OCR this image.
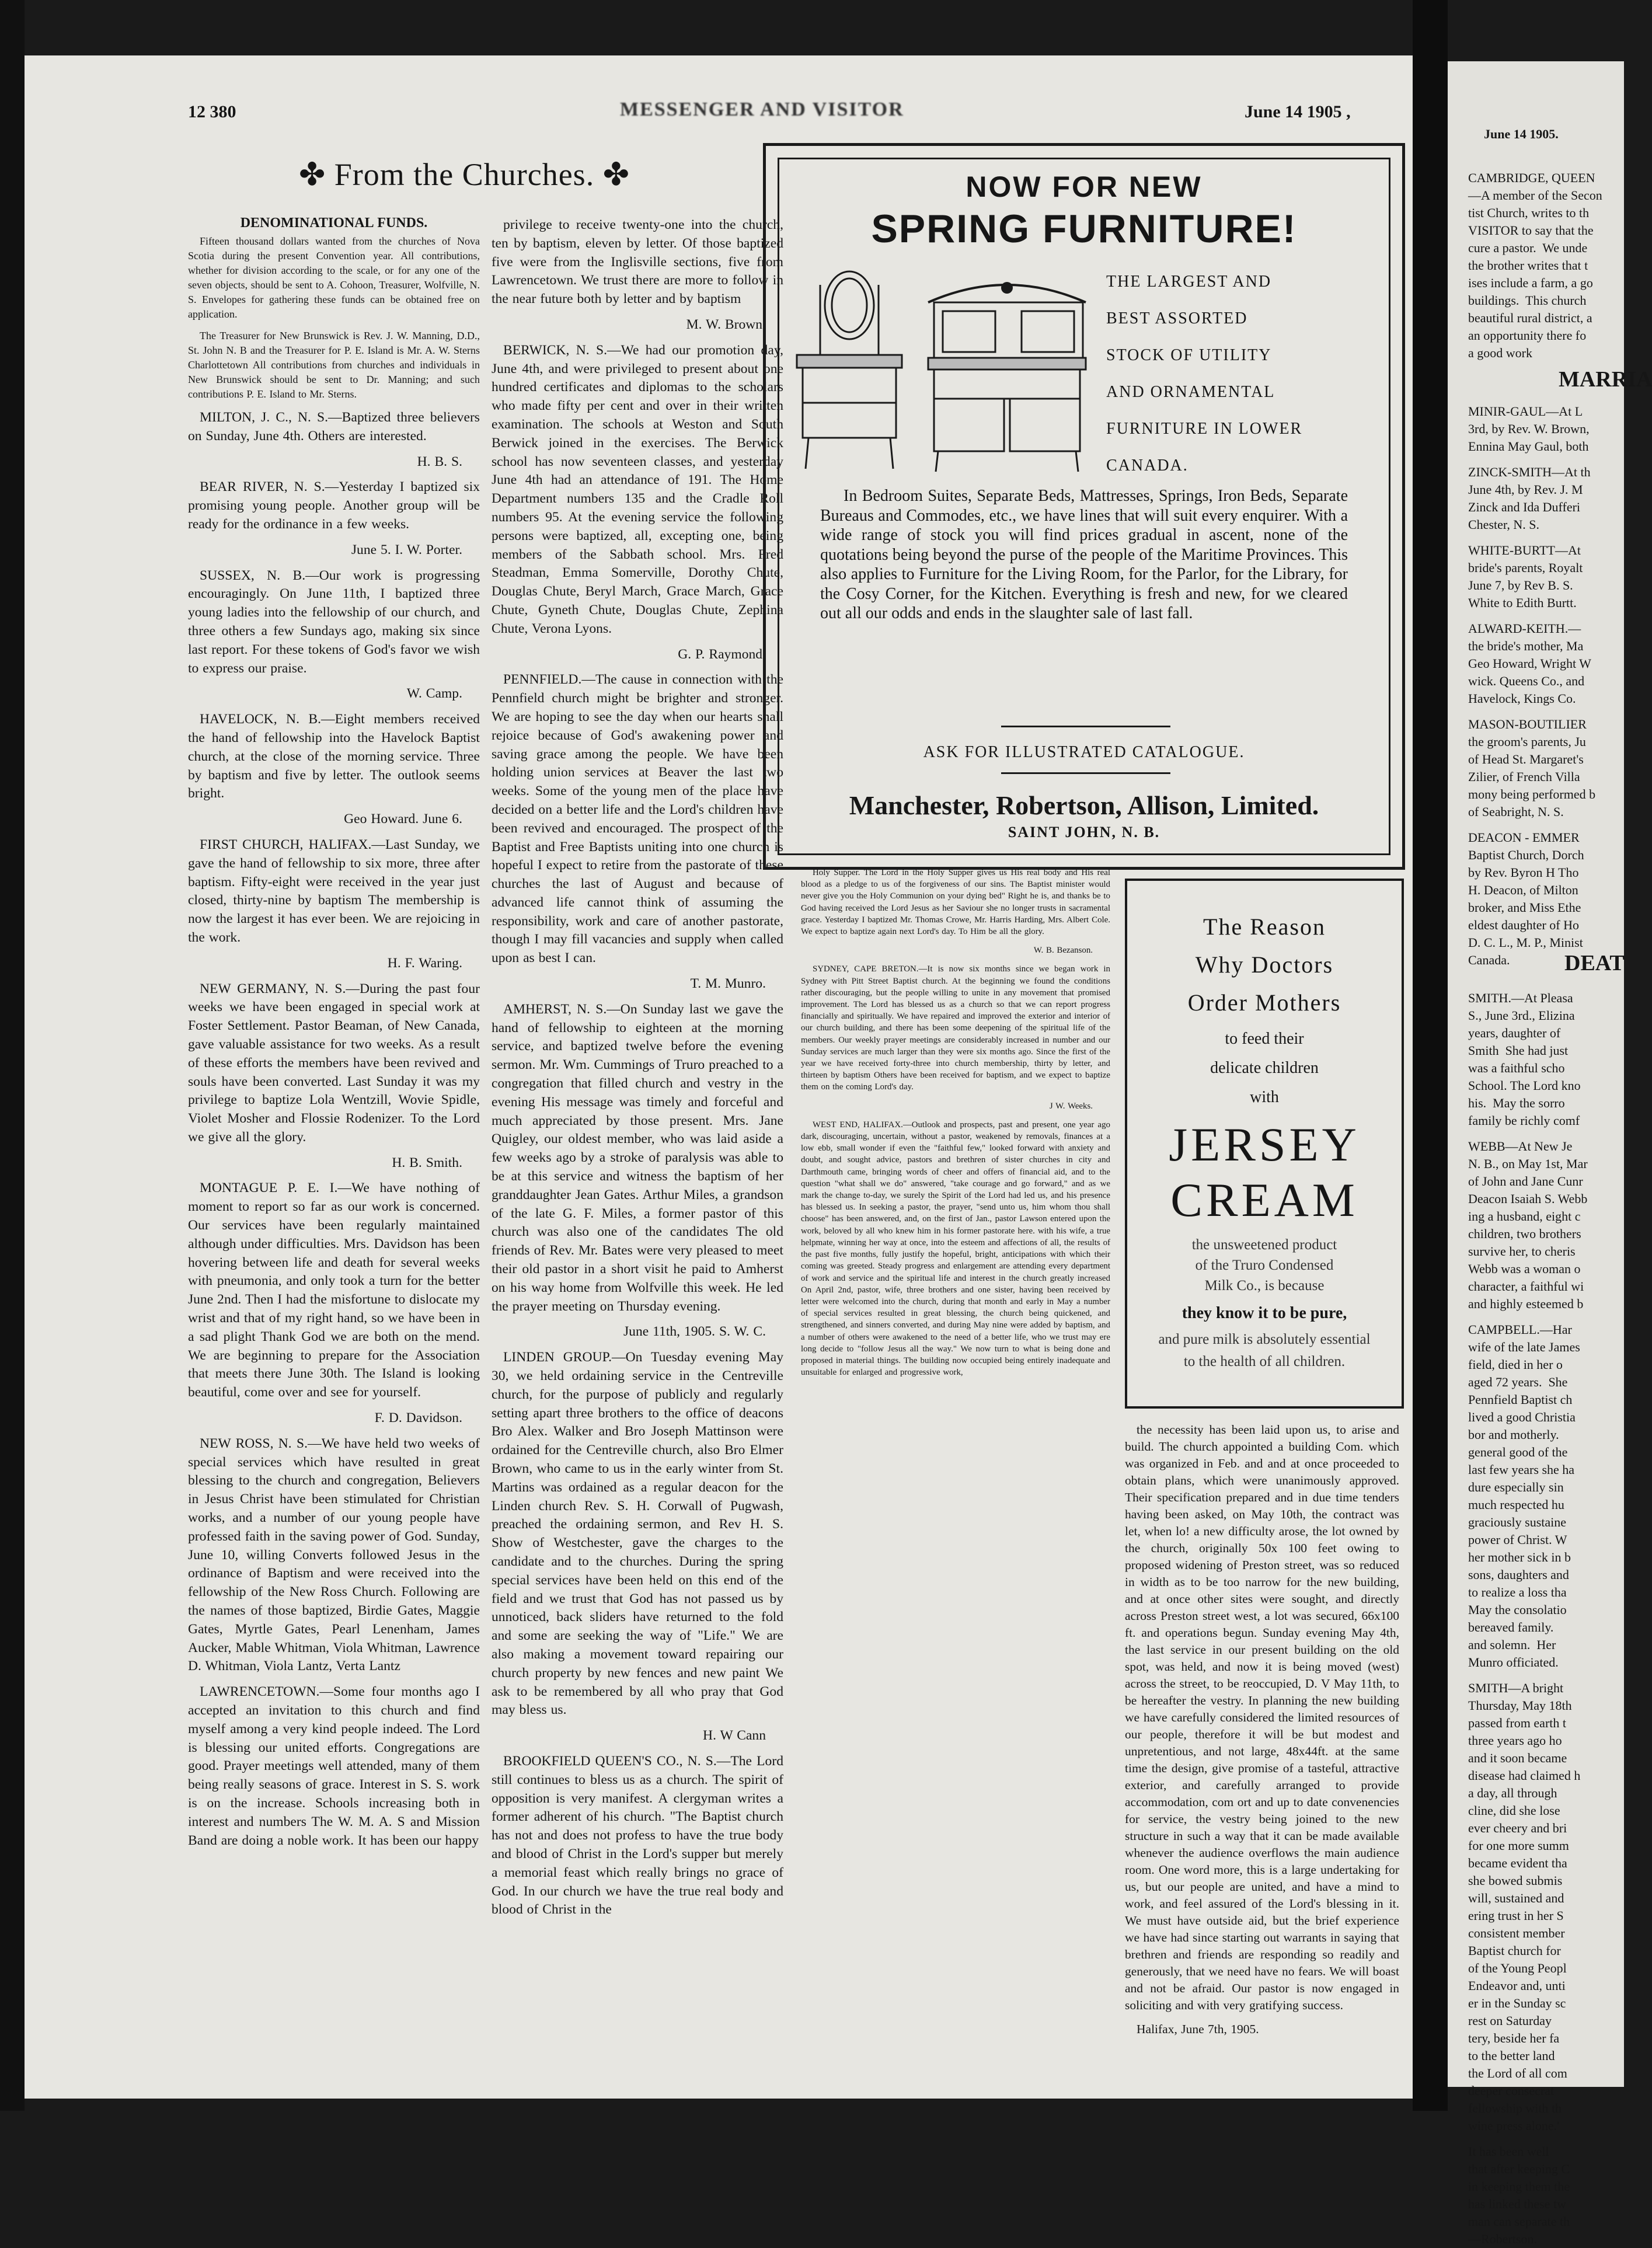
12 380	MESSENGER AND VISITOR	June 14 1905 ,
✤ From the Churches. ✤
DENOMINATIONAL FUNDS.
Fifteen thousand dollars wanted from the churches of Nova Scotia during the present Convention year. All contributions, whether for division according to the scale, or for any one of the seven objects, should be sent to A. Cohoon, Treasurer, Wolfville, N. S. Envelopes for gathering these funds can be obtained free on application.
The Treasurer for New Brunswick is Rev. J. W. Manning, D.D., St. John N. B and the Treasurer for P. E. Island is Mr. A. W. Sterns Charlottetown All contributions from churches and individuals in New Brunswick should be sent to Dr. Manning; and such contributions P. E. Island to Mr. Sterns.
MILTON, J. C., N. S.—Baptized three believers on Sunday, June 4th. Others are interested.
H. B. S.
BEAR RIVER, N. S.—Yesterday I baptized six promising young people. Another group will be ready for the ordinance in a few weeks.
June 5. I. W. Porter.
SUSSEX, N. B.—Our work is progressing encouragingly. On June 11th, I baptized three young ladies into the fellowship of our church, and three others a few Sundays ago, making six since last report. For these tokens of God's favor we wish to express our praise.
W. Camp.
HAVELOCK, N. B.—Eight members received the hand of fellowship into the Havelock Baptist church, at the close of the morning service. Three by baptism and five by letter. The outlook seems bright.
Geo Howard. June 6.
FIRST CHURCH, HALIFAX.—Last Sunday, we gave the hand of fellowship to six more, three after baptism. Fifty-eight were received in the year just closed, thirty-nine by baptism The membership is now the largest it has ever been. We are rejoicing in the work.
H. F. Waring.
NEW GERMANY, N. S.—During the past four weeks we have been engaged in special work at Foster Settlement. Pastor Beaman, of New Canada, gave valuable assistance for two weeks. As a result of these efforts the members have been revived and souls have been converted. Last Sunday it was my privilege to baptize Lola Wentzill, Wovie Spidle, Violet Mosher and Flossie Rodenizer. To the Lord we give all the glory.
H. B. Smith.
MONTAGUE P. E. I.—We have nothing of moment to report so far as our work is concerned. Our services have been regularly maintained although under difficulties. Mrs. Davidson has been hovering between life and death for several weeks with pneumonia, and only took a turn for the better June 2nd. Then I had the misfortune to dislocate my wrist and that of my right hand, so we have been in a sad plight Thank God we are both on the mend. We are beginning to prepare for the Association that meets there June 30th. The Island is looking beautiful, come over and see for yourself.
F. D. Davidson.
NEW ROSS, N. S.—We have held two weeks of special services which have resulted in great blessing to the church and congregation, Believers in Jesus Christ have been stimulated for Christian works, and a number of our young people have professed faith in the saving power of God. Sunday, June 10, willing Converts followed Jesus in the ordinance of Baptism and were received into the fellowship of the New Ross Church. Following are the names of those baptized, Birdie Gates, Maggie Gates, Myrtle Gates, Pearl Lenenham, James Aucker, Mable Whitman, Viola Whitman, Lawrence D. Whitman, Viola Lantz, Verta Lantz
LAWRENCETOWN.—Some four months ago I accepted an invitation to this church and find myself among a very kind people indeed. The Lord is blessing our united efforts. Congregations are good. Prayer meetings well attended, many of them being really seasons of grace. Interest in S. S. work is on the increase. Schools increasing both in interest and numbers The W. M. A. S and Mission Band are doing a noble work. It has been our happy
privilege to receive twenty-one into the church, ten by baptism, eleven by letter. Of those baptized five were from the Inglisville sections, five from Lawrencetown. We trust there are more to follow in the near future both by letter and by baptism
M. W. Brown.
BERWICK, N. S.—We had our promotion day, June 4th, and were privileged to present about one hundred certificates and diplomas to the scholars who made fifty per cent and over in their written examination. The schools at Weston and South Berwick joined in the exercises. The Berwick school has now seventeen classes, and yesterday June 4th had an attendance of 191. The Home Department numbers 135 and the Cradle Roll numbers 95. At the evening service the following persons were baptized, all, excepting one, being members of the Sabbath school. Mrs. Fred Steadman, Emma Somerville, Dorothy Chute, Douglas Chute, Beryl March, Grace March, Grace Chute, Gyneth Chute, Douglas Chute, Zephina Chute, Verona Lyons.
G. P. Raymond.
PENNFIELD.—The cause in connection with the Pennfield church might be brighter and stronger. We are hoping to see the day when our hearts shall rejoice because of God's awakening power and saving grace among the people. We have been holding union services at Beaver the last two weeks. Some of the young men of the place have decided on a better life and the Lord's children have been revived and encouraged. The prospect of the Baptist and Free Baptists uniting into one church is hopeful I expect to retire from the pastorate of these churches the last of August and because of advanced life cannot think of assuming the responsibility, work and care of another pastorate, though I may fill vacancies and supply when called upon as best I can.
T. M. Munro.
AMHERST, N. S.—On Sunday last we gave the hand of fellowship to eighteen at the morning service, and baptized twelve before the evening sermon. Mr. Wm. Cummings of Truro preached to a congregation that filled church and vestry in the evening His message was timely and forceful and much appreciated by those present. Mrs. Jane Quigley, our oldest member, who was laid aside a few weeks ago by a stroke of paralysis was able to be at this service and witness the baptism of her granddaughter Jean Gates. Arthur Miles, a grandson of the late G. F. Miles, a former pastor of this church was also one of the candidates The old friends of Rev. Mr. Bates were very pleased to meet their old pastor in a short visit he paid to Amherst on his way home from Wolfville this week. He led the prayer meeting on Thursday evening.
June 11th, 1905. S. W. C.
LINDEN GROUP.—On Tuesday evening May 30, we held ordaining service in the Centreville church, for the purpose of publicly and regularly setting apart three brothers to the office of deacons Bro Alex. Walker and Bro Joseph Mattinson were ordained for the Centreville church, also Bro Elmer Brown, who came to us in the early winter from St. Martins was ordained as a regular deacon for the Linden church Rev. S. H. Corwall of Pugwash, preached the ordaining sermon, and Rev H. S. Show of Westchester, gave the charges to the candidate and to the churches. During the spring special services have been held on this end of the field and we trust that God has not passed us by unnoticed, back sliders have returned to the fold and some are seeking the way of "Life." We are also making a movement toward repairing our church property by new fences and new paint We ask to be remembered by all who pray that God may bless us.
H. W Cann
BROOKFIELD QUEEN'S CO., N. S.—The Lord still continues to bless us as a church. The spirit of opposition is very manifest. A clergyman writes a former adherent of his church. "The Baptist church has not and does not profess to have the true body and blood of Christ in the Lord's supper but merely a memorial feast which really brings no grace of God. In our church we have the true real body and blood of Christ in the
NOW FOR NEW
SPRING FURNITURE!
THE LARGEST AND
BEST ASSORTED
STOCK OF UTILITY
AND ORNAMENTAL
FURNITURE IN LOWER
CANADA.
In Bedroom Suites, Separate Beds, Mattresses, Springs, Iron Beds, Separate Bureaus and Commodes, etc., we have lines that will suit every enquirer. With a wide range of stock you will find prices gradual in ascent, none of the quotations being beyond the purse of the people of the Maritime Provinces. This also applies to Furniture for the Living Room, for the Parlor, for the Library, for the Cosy Corner, for the Kitchen. Everything is fresh and new, for we cleared out all our odds and ends in the slaughter sale of last fall.
ASK FOR ILLUSTRATED CATALOGUE.
Manchester, Robertson, Allison, Limited.
SAINT JOHN, N. B.
Holy Supper. The Lord in the Holy Supper gives us His real body and His real blood as a pledge to us of the forgiveness of our sins. The Baptist minister would never give you the Holy Communion on your dying bed" Right he is, and thanks be to God having received the Lord Jesus as her Saviour she no longer trusts in sacramental grace. Yesterday I baptized Mr. Thomas Crowe, Mr. Harris Harding, Mrs. Albert Cole. We expect to baptize again next Lord's day. To Him be all the glory.
W. B. Bezanson.
SYDNEY, CAPE BRETON.—It is now six months since we began work in Sydney with Pitt Street Baptist church. At the beginning we found the conditions rather discouraging, but the people willing to unite in any movement that promised improvement. The Lord has blessed us as a church so that we can report progress financially and spiritually. We have repaired and improved the exterior and interior of our church building, and there has been some deepening of the spiritual life of the members. Our weekly prayer meetings are considerably increased in number and our Sunday services are much larger than they were six months ago. Since the first of the year we have received forty-three into church membership, thirty by letter, and thirteen by baptism Others have been received for baptism, and we expect to baptize them on the coming Lord's day.
J W. Weeks.
WEST END, HALIFAX.—Outlook and prospects, past and present, one year ago dark, discouraging, uncertain, without a pastor, weakened by removals, finances at a low ebb, small wonder if even the "faithful few," looked forward with anxiety and doubt, and sought advice, pastors and brethren of sister churches in city and Darthmouth came, bringing words of cheer and offers of financial aid, and to the question "what shall we do" answered, "take courage and go forward," and as we mark the change to-day, we surely the Spirit of the Lord had led us, and his presence has blessed us. In seeking a pastor, the prayer, "send unto us, him whom thou shall choose" has been answered, and, on the first of Jan., pastor Lawson entered upon the work, beloved by all who knew him in his former pastorate here. with his wife, a true helpmate, winning her way at once, into the esteem and affections of all, the results of the past five months, fully justify the hopeful, bright, anticipations with which their coming was greeted. Steady progress and enlargement are attending every department of work and service and the spiritual life and interest in the church greatly increased On April 2nd, pastor, wife, three brothers and one sister, having been received by letter were welcomed into the church, during that month and early in May a number of special services resulted in great blessing, the church being quickened, and strengthened, and sinners converted, and during May nine were added by baptism, and a number of others were awakened to the need of a better life, who we trust may ere long decide to "follow Jesus all the way." We now turn to what is being done and proposed in material things. The building now occupied being entirely inadequate and unsuitable for enlarged and progressive work,
The Reason
Why Doctors
Order Mothers
to feed their
delicate children
with
JERSEY
CREAM
the unsweetened product
of the Truro Condensed
Milk Co., is because
they know it to be pure,
and pure milk is absolutely essential
to the health of all children.
the necessity has been laid upon us, to arise and build. The church appointed a building Com. which was organized in Feb. and and at once proceeded to obtain plans, which were unanimously approved. Their specification prepared and in due time tenders having been asked, on May 10th, the contract was let, when lo! a new difficulty arose, the lot owned by the church, originally 50x 100 feet owing to proposed widening of Preston street, was so reduced in width as to be too narrow for the new building, and at once other sites were sought, and directly across Preston street west, a lot was secured, 66x100 ft. and operations begun. Sunday evening May 4th, the last service in our present building on the old spot, was held, and now it is being moved (west) across the street, to be reoccupied, D. V May 11th, to be hereafter the vestry. In planning the new building we have carefully considered the limited resources of our people, therefore it will be but modest and unpretentious, and not large, 48x44ft. at the same time the design, give promise of a tasteful, attractive exterior, and carefully arranged to provide accommodation, com ort and up to date convenencies for service, the vestry being joined to the new structure in such a way that it can be made available whenever the audience overflows the main audience room. One word more, this is a large undertaking for us, but our people are united, and have a mind to work, and feel assured of the Lord's blessing in it. We must have outside aid, but the brief experience we have had since starting out warrants in saying that brethren and friends are responding so readily and generously, that we need have no fears. We will boast and not be afraid. Our pastor is now engaged in soliciting and with very gratifying success.
Halifax, June 7th, 1905.
June 14 1905.
CAMBRIDGE, QUEEN
—A member of the Secon
tist Church, writes to th
VISITOR to say that the
cure a pastor.  We unde
the brother writes that t
ises include a farm, a go
buildings.  This church
beautiful rural district, a
an opportunity there fo
a good work
MARRIA
MINIR-GAUL—At L
3rd, by Rev. W. Brown,
Ennina May Gaul, both
ZINCK-SMITH—At th
June 4th, by Rev. J. M
Zinck and Ida Dufferi
Chester, N. S.
WHITE-BURTT—At
bride's parents, Royalt
June 7, by Rev B. S.
White to Edith Burtt.
ALWARD-KEITH.—
the bride's mother, Ma
Geo Howard, Wright W
wick. Queens Co., and
Havelock, Kings Co.
MASON-BOUTILIER
the groom's parents, Ju
of Head St. Margaret's
Zilier, of French Villa
mony being performed b
of Seabright, N. S.
DEACON - EMMER
Baptist Church, Dorch
by Rev. Byron H Tho
H. Deacon, of Milton
broker, and Miss Ethe
eldest daughter of Ho
D. C. L., M. P., Minist
Canada.	DEAT
SMITH.—At Pleasa
S., June 3rd., Elizina
years, daughter of
Smith  She had just
was a faithful scho
School. The Lord kno
his.  May the sorro
family be richly comf
WEBB—At New Je
N. B., on May 1st, Mar
of John and Jane Cunr
Deacon Isaiah S. Webb
ing a husband, eight c
children, two brothers
survive her, to cheris
Webb was a woman o
character, a faithful wi
and highly esteemed b
CAMPBELL.—Har
wife of the late James
field, died in her o
aged 72 years.  She
Pennfield Baptist ch
lived a good Christia
bor and motherly.
general good of the
last few years she ha
dure especially sin
much respected hu
graciously sustaine
power of Christ. W
her mother sick in b
sons, daughters and
to realize a loss tha
May the consolatio
bereaved family.
and solemn.  Her
Munro officiated.
SMITH—A bright
Thursday, May 18th
passed from earth t
three years ago ho
and it soon became
disease had claimed h
a day, all through
cline, did she lose
ever cheery and bri
for one more summ
became evident tha
she bowed submis
will, sustained and
ering trust in her S
consistent member
Baptist church for
of the Young Peopl
Endeavor and, unti
er in the Sunday sc
rest on Saturday
tery, beside her fa
to the better land
the Lord of all com
deeper consecrat
fellowship with th
wine press alone.'
It has been well
that after keeping C
in keeping them the
has linked these tw
man can separate th
—Robertson.
